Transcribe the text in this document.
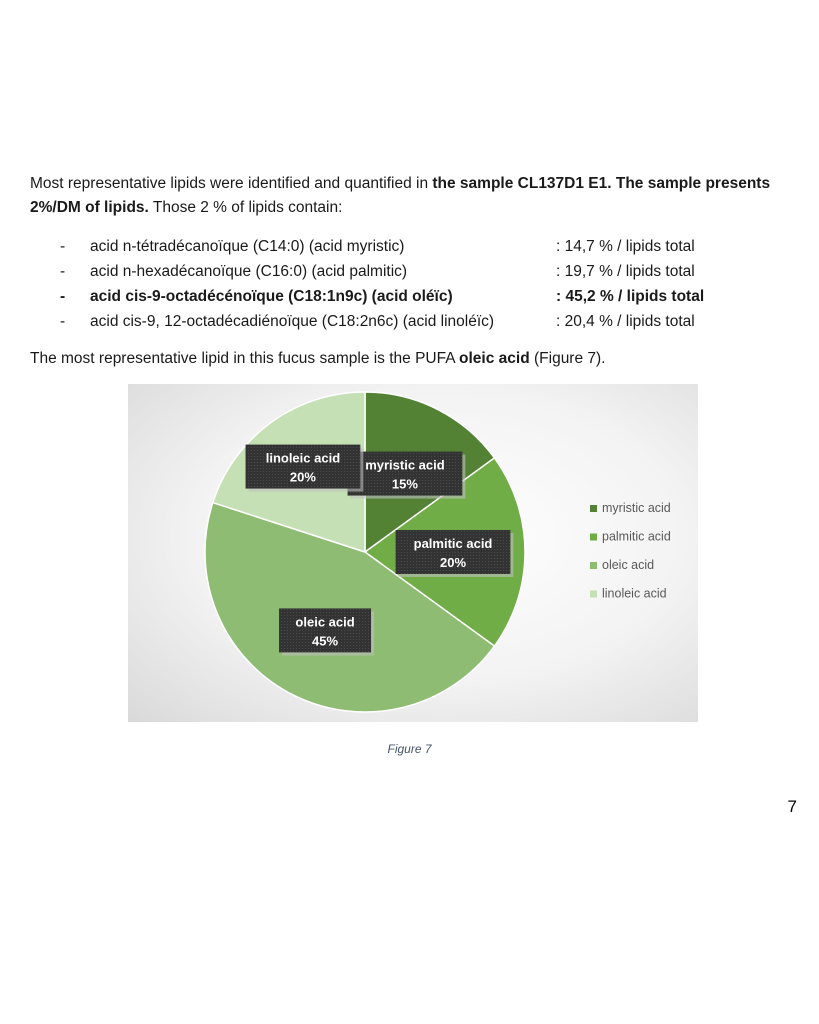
Most representative lipids were identified and quantified in the sample CL137D1 E1. The sample presents 2%/DM of lipids. Those 2 % of lipids contain:
- acid n-tétradécanoïque (C14:0) (acid myristic)	: 14,7 % / lipids total
- acid n-hexadécanoïque (C16:0) (acid palmitic)	: 19,7 % / lipids total
- acid cis-9-octadécénoïque (C18:1n9c) (acid oléïc)	: 45,2 % / lipids total
- acid cis-9, 12-octadécadiénoïque (C18:2n6c) (acid linoléïc)	: 20,4 % / lipids total
The most representative lipid in this fucus sample is the PUFA oleic acid (Figure 7).
myristic acid
15%
palmitic acid
20%
oleic acid
45%
linoleic acid
20%
myristic acid
palmitic acid
oleic acid
linoleic acid
Figure 7
7
